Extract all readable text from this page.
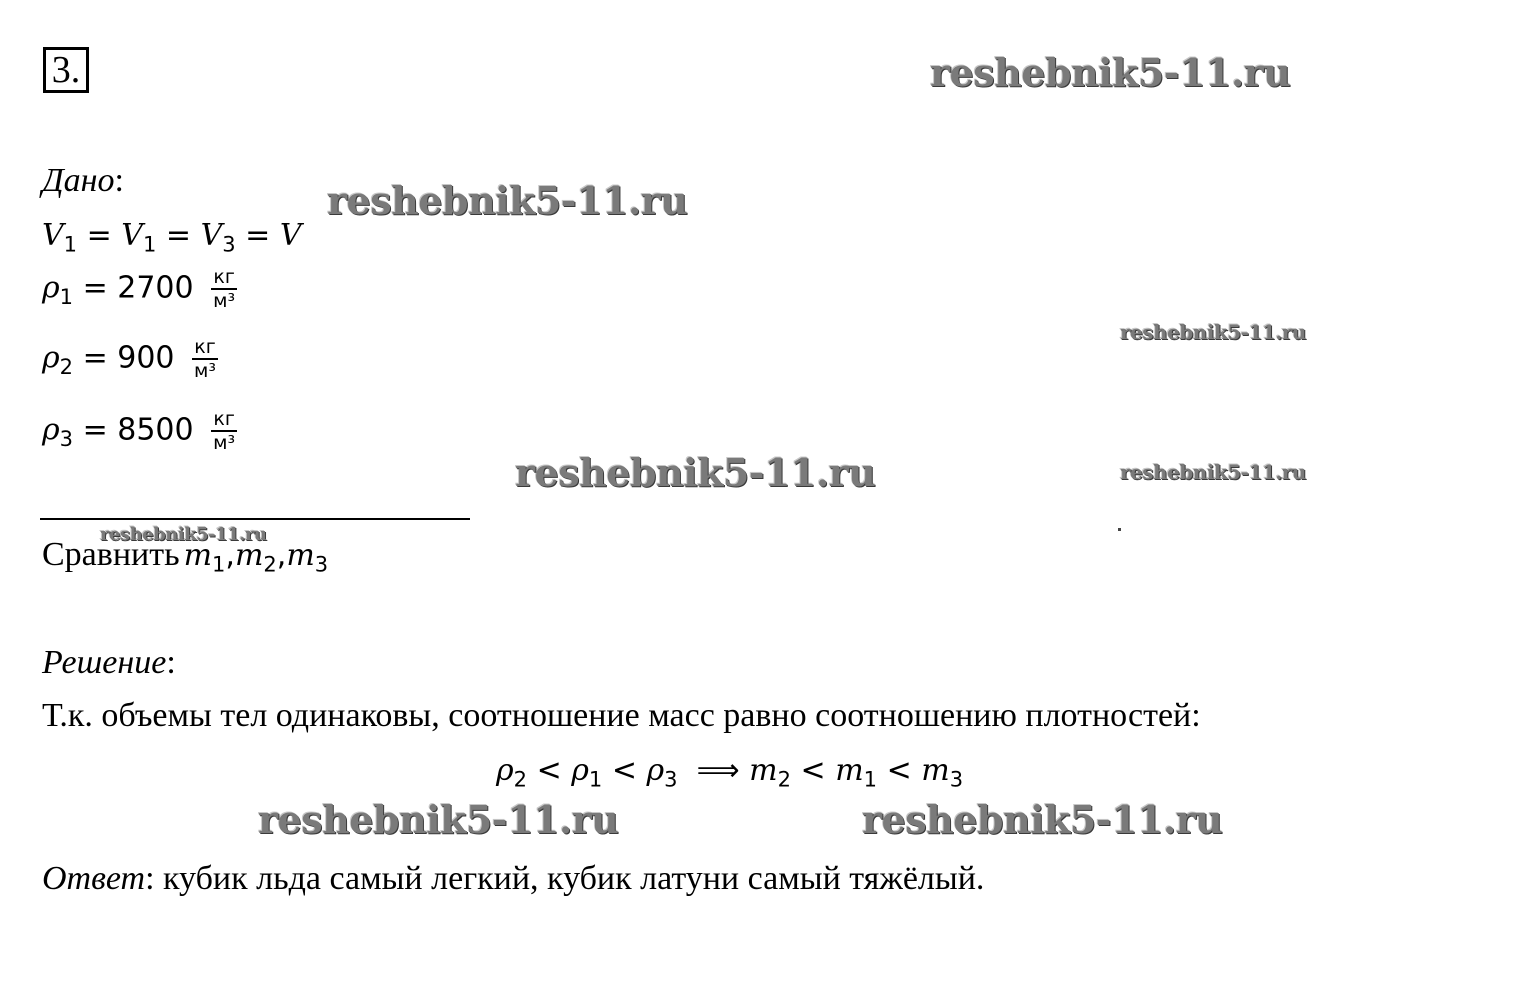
3.	reshebnik5-11.ru
reshebnik5-11.ru
reshebnik5-11.ru
reshebnik5-11.ru	reshebnik5-11.ru
reshebnik5-11.ru
reshebnik5-11.ru	reshebnik5-11.ru
Дано:
$V_1 = V_1 = V_3 = V$
$\rho_1 = 2700 \frac{кг}{\text{м³}}$
$\rho_2 = 900 \frac{кг}{\text{м³}}$
$\rho_3 = 8500 \frac{кг}{\text{м³}}$
Сравнить $m_1,m_2,m_3$
Решение:
Т.к. объемы тел одинаковы, соотношение масс равно соотношению плотностей:
$\rho_2 < \rho_1 < \rho_3$ ⟹ $m_2 < m_1 < m_3$
Ответ: кубик льда самый легкий, кубик латуни самый тяжёлый.
